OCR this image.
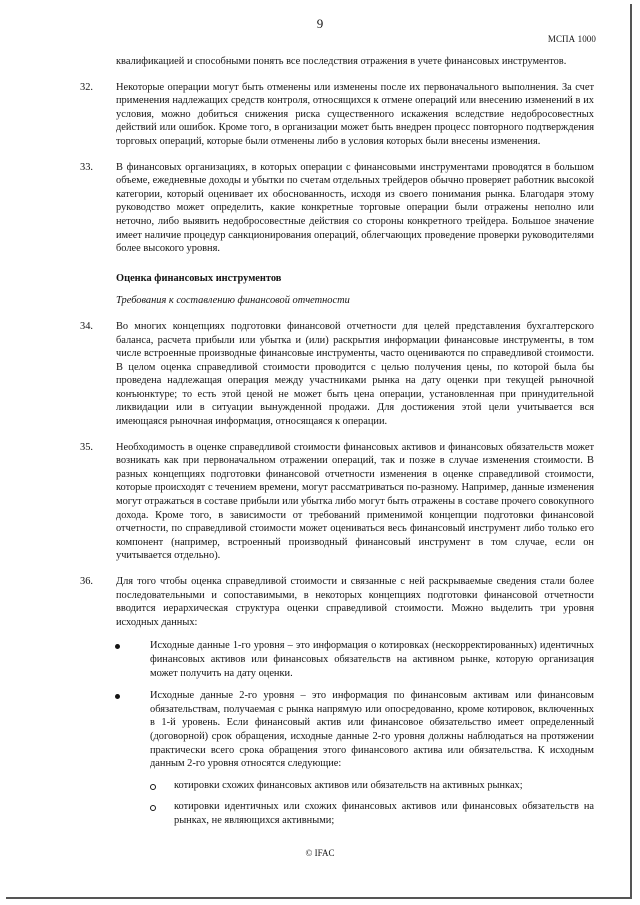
9
МСПА 1000

квалификацией и способными понять все последствия отражения в учете финансовых инструментов.

32. Некоторые операции могут быть отменены или изменены после их первоначального выполнения. За счет применения надлежащих средств контроля, относящихся к отмене операций или внесению изменений в их условия, можно добиться снижения риска существенного искажения вследствие недобросовестных действий или ошибок. Кроме того, в организации может быть внедрен процесс повторного подтверждения торговых операций, которые были отменены либо в условия которых были внесены изменения.

33. В финансовых организациях, в которых операции с финансовыми инструментами проводятся в большом объеме, ежедневные доходы и убытки по счетам отдельных трейдеров обычно проверяет работник высокой категории, который оценивает их обоснованность, исходя из своего понимания рынка. Благодаря этому руководство может определить, какие конкретные торговые операции были отражены неполно или неточно, либо выявить недобросовестные действия со стороны конкретного трейдера. Большое значение имеет наличие процедур санкционирования операций, облегчающих проведение проверки руководителями более высокого уровня.

Оценка финансовых инструментов
Требования к составлению финансовой отчетности
34. Во многих концепциях подготовки финансовой отчетности для целей представления бухгалтерского баланса, расчета прибыли или убытка и (или) раскрытия информации финансовые инструменты, в том числе встроенные производные финансовые инструменты, часто оцениваются по справедливой стоимости. В целом оценка справедливой стоимости проводится с целью получения цены, по которой была бы проведена надлежащая операция между участниками рынка на дату оценки при текущей рыночной конъюнктуре; то есть этой ценой не может быть цена операции, установленная при принудительной ликвидации или в ситуации вынужденной продажи. Для достижения этой цели учитывается вся имеющаяся рыночная информация, относящаяся к операции.

35. Необходимость в оценке справедливой стоимости финансовых активов и финансовых обязательств может возникать как при первоначальном отражении операций, так и позже в случае изменения стоимости. В разных концепциях подготовки финансовой отчетности изменения в оценке справедливой стоимости, которые происходят с течением времени, могут рассматриваться по-разному. Например, данные изменения могут отражаться в составе прибыли или убытка либо могут быть отражены в составе прочего совокупного дохода. Кроме того, в зависимости от требований применимой концепции подготовки финансовой отчетности, по справедливой стоимости может оцениваться весь финансовый инструмент либо только его компонент (например, встроенный производный финансовый инструмент в том случае, если он учитывается отдельно).

36. Для того чтобы оценка справедливой стоимости и связанные с ней раскрываемые сведения стали более последовательными и сопоставимыми, в некоторых концепциях подготовки финансовой отчетности вводится иерархическая структура оценки справедливой стоимости. Можно выделить три уровня исходных данных:

Исходные данные 1-го уровня – это информация о котировках (нескорректированных) идентичных финансовых активов или финансовых обязательств на активном рынке, которую организация может получить на дату оценки.

Исходные данные 2-го уровня – это информация по финансовым активам или финансовым обязательствам, получаемая с рынка напрямую или опосредованно, кроме котировок, включенных в 1-й уровень. Если финансовый актив или финансовое обязательство имеет определенный (договорной) срок обращения, исходные данные 2-го уровня должны наблюдаться на протяжении практически всего срока обращения этого финансового актива или обязательства. К исходным данным 2-го уровня относятся следующие:

котировки схожих финансовых активов или обязательств на активных рынках;

котировки идентичных или схожих финансовых активов или финансовых обязательств на рынках, не являющихся активными;

© IFAC
